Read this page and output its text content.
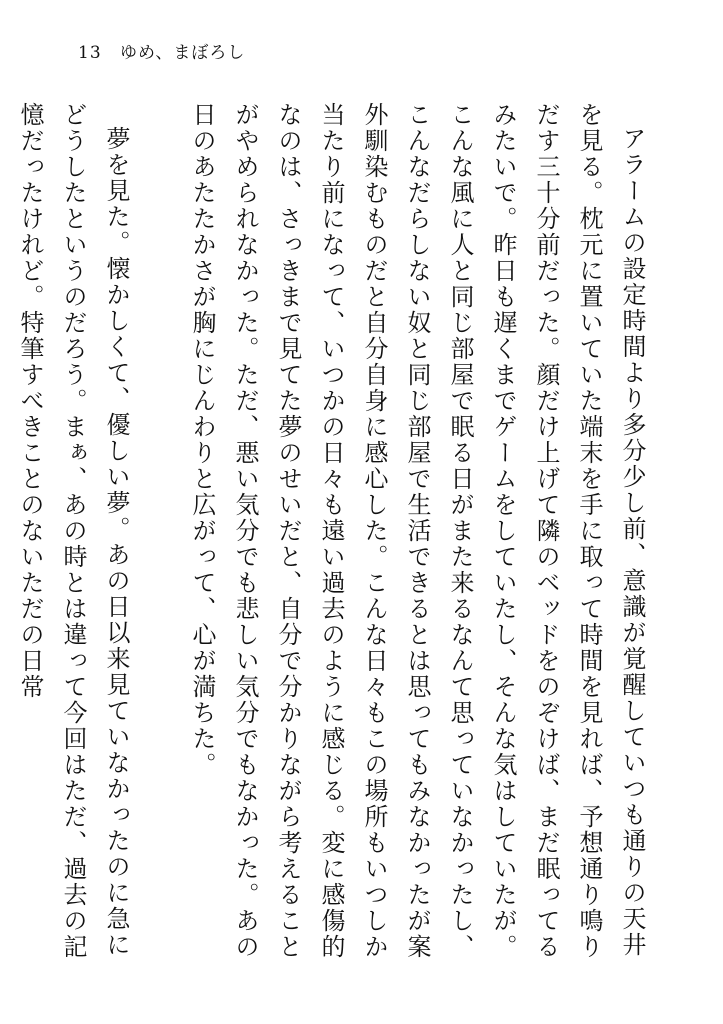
13 ゆめ、まぼろし

アラームの設定時間より多分少し前、意識が覚醒していつも通りの天井を見る。枕元に置いていた端末を手に取って時間を見れば、予想通り鳴りだす三十分前だった。顔だけ上げて隣のベッドをのぞけば、まだ眠ってるみたいで。昨日も遅くまでゲームをしていたし、そんな気はしていたが。こんな風に人と同じ部屋で眠る日がまた来るなんて思っていなかったし、こんなだらしない奴と同じ部屋で生活できるとは思ってもみなかったが案外馴染むものだと自分自身に感心した。こんな日々もこの場所もいつしか当たり前になって、いつかの日々も遠い過去のように感じる。変に感傷的なのは、さっきまで見てた夢のせいだと、自分で分かりながら考えることがやめられなかった。ただ、悪い気分でも悲しい気分でもなかった。あの日のあたたかさが胸にじんわりと広がって、心が満ちた。

夢を見た。懐かしくて、優しい夢。あの日以来見ていなかったのに急にどうしたというのだろう。まぁ、あの時とは違って今回はただ、過去の記憶だったけれど。特筆すべきことのないただの日常
